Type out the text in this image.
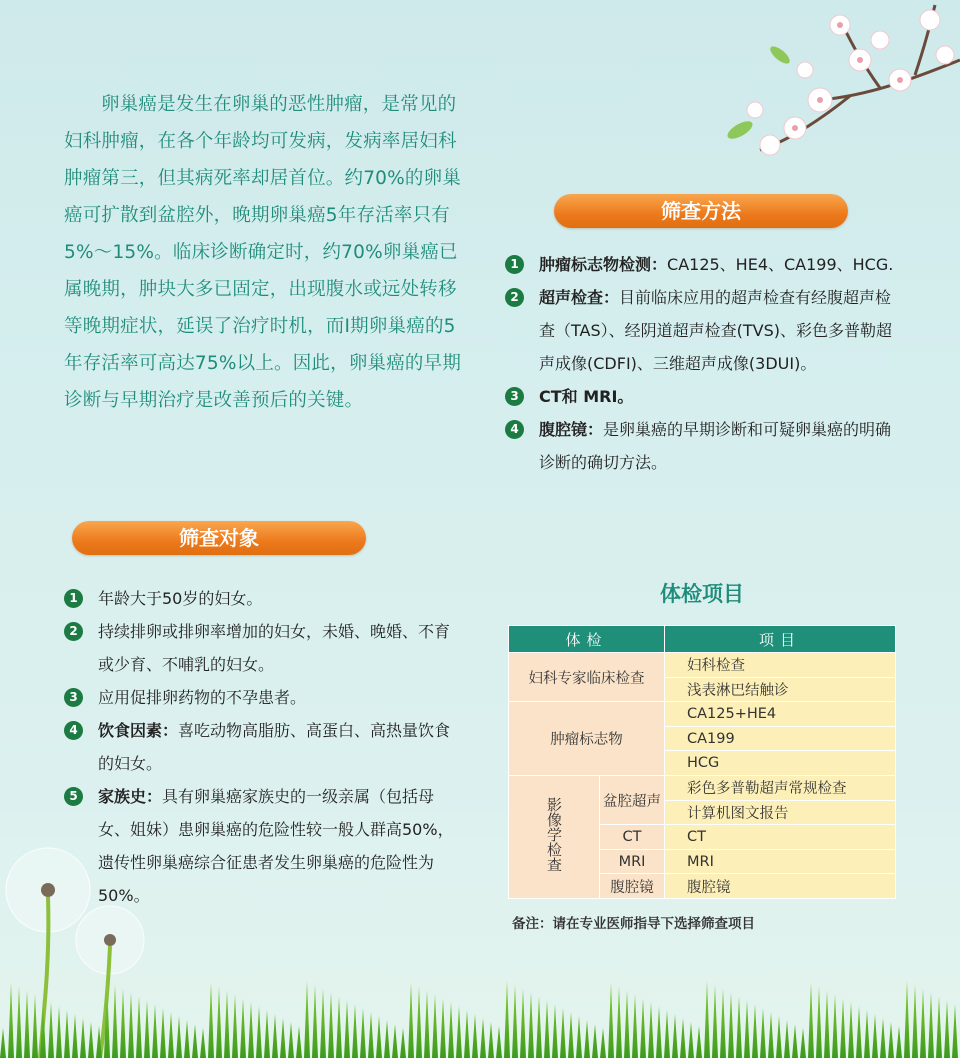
卵巢癌是发生在卵巢的恶性肿瘤，是常见的妇科肿瘤，在各个年龄均可发病，发病率居妇科肿瘤第三，但其病死率却居首位。约70%的卵巢癌可扩散到盆腔外，晚期卵巢癌5年存活率只有5%～15%。临床诊断确定时，约70%卵巢癌已属晚期，肿块大多已固定，出现腹水或远处转移等晚期症状，延误了治疗时机，而Ⅰ期卵巢癌的5年存活率可高达75%以上。因此，卵巢癌的早期诊断与早期治疗是改善预后的关键。

筛查对象
1	年龄大于50岁的妇女。
2	持续排卵或排卵率增加的妇女，未婚、晚婚、不育或少育、不哺乳的妇女。
3	应用促排卵药物的不孕患者。
4	饮食因素：喜吃动物高脂肪、高蛋白、高热量饮食的妇女。
5	家族史：具有卵巢癌家族史的一级亲属（包括母女、姐妹）患卵巢癌的危险性较一般人群高50%，遗传性卵巢癌综合征患者发生卵巢癌的危险性为50%。
筛查方法
1	肿瘤标志物检测：CA125、HE4、CA199、HCG.
2	超声检查：目前临床应用的超声检查有经腹超声检查（TAS）、经阴道超声检查(TVS)、彩色多普勒超声成像(CDFI)、三维超声成像(3DUI)。
3	CT和 MRI。
4	腹腔镜：是卵巢癌的早期诊断和可疑卵巢癌的明确诊断的确切方法。
体检项目
体检		项目
妇科专家临床检查		妇科检查
		浅表淋巴结触诊
肿瘤标志物		CA125+HE4
		CA199
		HCG
影像学检查	盆腔超声	彩色多普勒超声常规检查
		计算机图文报告
	CT	CT
	MRI	MRI
	腹腔镜	腹腔镜
备注：请在专业医师指导下选择筛查项目
